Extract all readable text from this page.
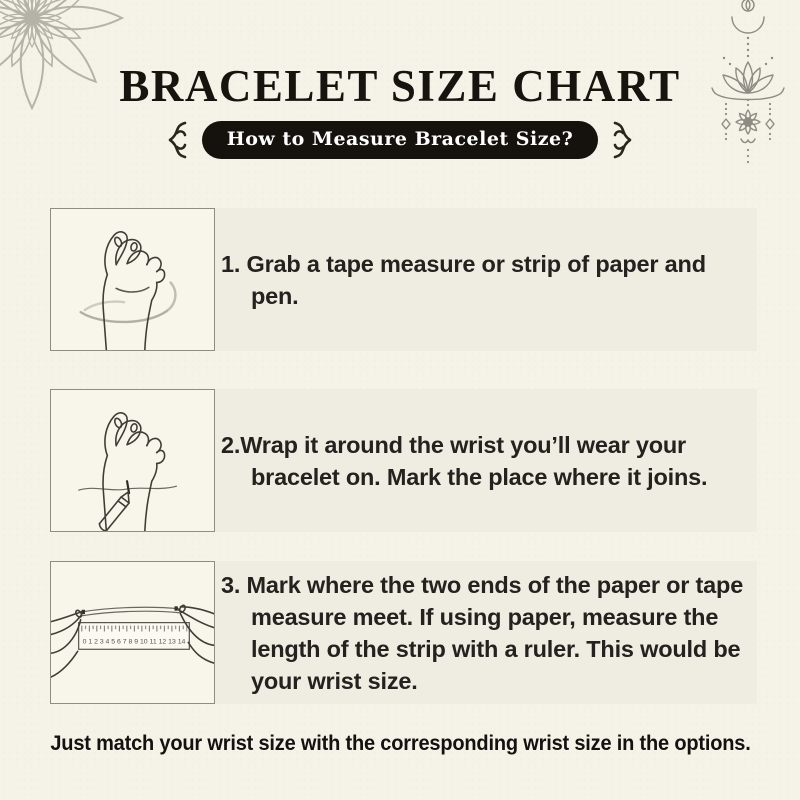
BRACELET SIZE CHART
How to Measure Bracelet Size?

1. Grab a tape measure or strip of paper and pen.

2.Wrap it around the wrist you’ll wear your bracelet on. Mark the place where it joins.

0 1 2 3 4 5 6 7 8 9 10 11 12 13 14

3. Mark where the two ends of the paper or tape measure meet. If using paper, measure the length of the strip with a ruler. This would be your wrist size.

Just match your wrist size with the corresponding wrist size in the options.
